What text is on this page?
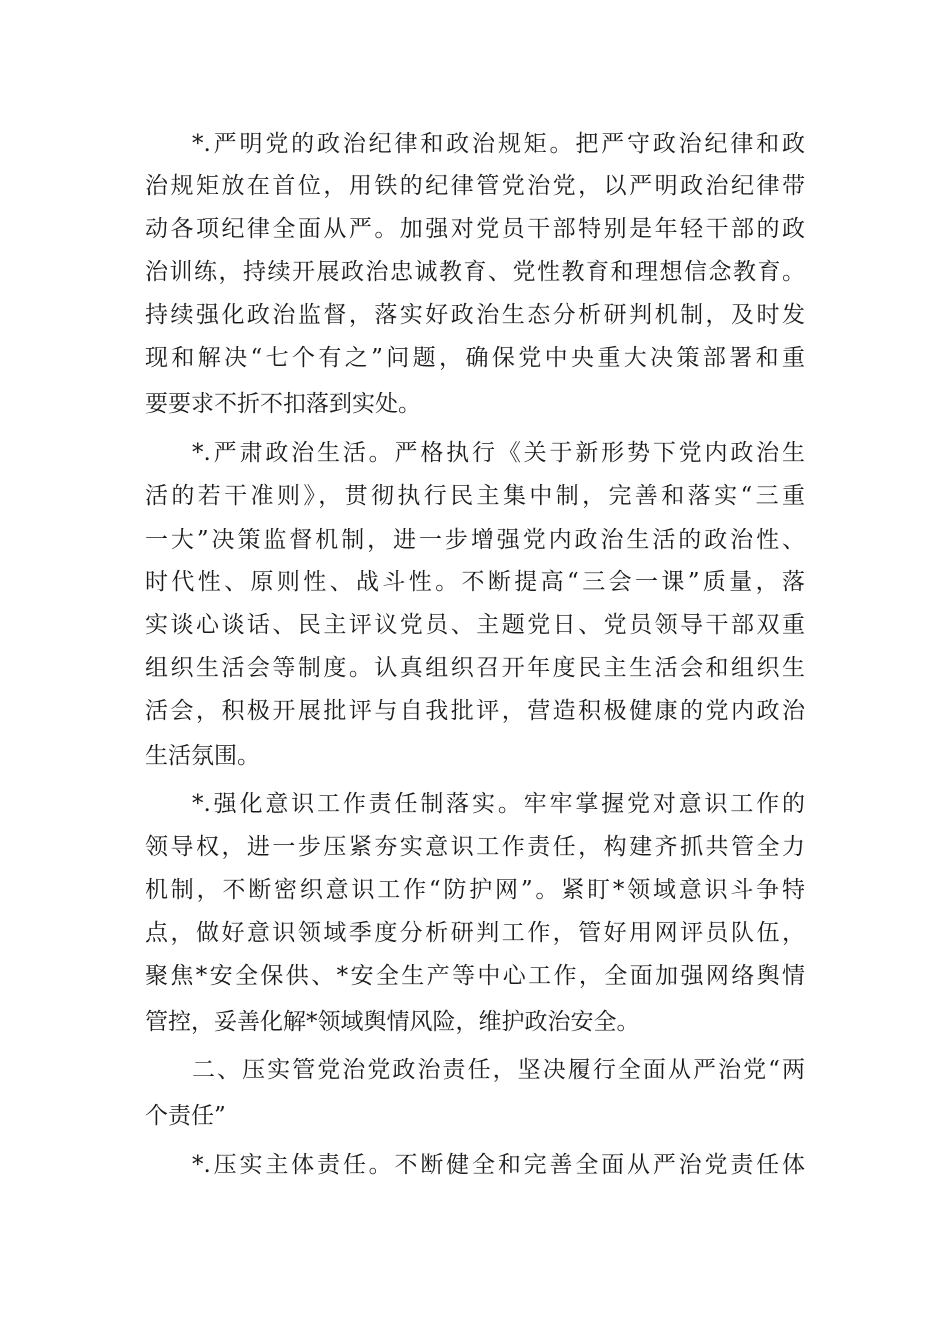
*.严明党的政治纪律和政治规矩。把严守政治纪律和政
治规矩放在首位，用铁的纪律管党治党，以严明政治纪律带
动各项纪律全面从严。加强对党员干部特别是年轻干部的政
治训练，持续开展政治忠诚教育、党性教育和理想信念教育。
持续强化政治监督，落实好政治生态分析研判机制，及时发
现和解决“七个有之”问题，确保党中央重大决策部署和重
要要求不折不扣落到实处。
*.严肃政治生活。严格执行《关于新形势下党内政治生
活的若干准则》，贯彻执行民主集中制，完善和落实“三重
一大”决策监督机制，进一步增强党内政治生活的政治性、
时代性、原则性、战斗性。不断提高“三会一课”质量，落
实谈心谈话、民主评议党员、主题党日、党员领导干部双重
组织生活会等制度。认真组织召开年度民主生活会和组织生
活会，积极开展批评与自我批评，营造积极健康的党内政治
生活氛围。
*.强化意识工作责任制落实。牢牢掌握党对意识工作的
领导权，进一步压紧夯实意识工作责任，构建齐抓共管全力
机制，不断密织意识工作“防护网”。紧盯*领域意识斗争特
点，做好意识领域季度分析研判工作，管好用网评员队伍，
聚焦*安全保供、*安全生产等中心工作，全面加强网络舆情
管控，妥善化解*领域舆情风险，维护政治安全。
二、压实管党治党政治责任，坚决履行全面从严治党“两
个责任”
*.压实主体责任。不断健全和完善全面从严治党责任体
